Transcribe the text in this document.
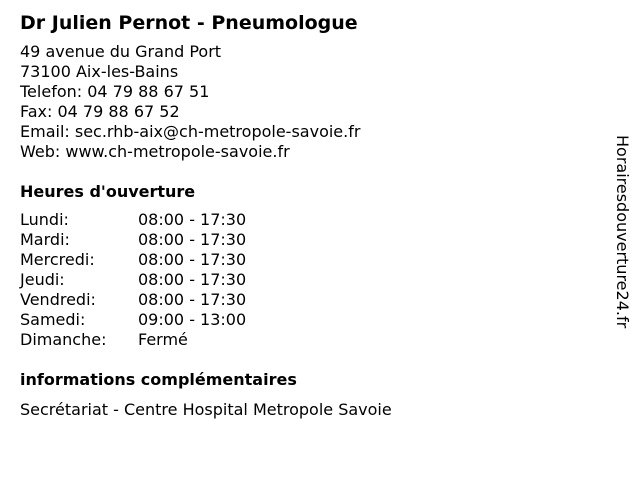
Dr Julien Pernot - Pneumologue
49 avenue du Grand Port
73100 Aix-les-Bains
Telefon: 04 79 88 67 51
Fax: 04 79 88 67 52
Email: sec.rhb-aix@ch-metropole-savoie.fr
Web: www.ch-metropole-savoie.fr
Heures d'ouverture
Lundi:	08:00 - 17:30
Mardi:	08:00 - 17:30
Mercredi:	08:00 - 17:30
Jeudi:	08:00 - 17:30
Vendredi:	08:00 - 17:30
Samedi:	09:00 - 13:00
Dimanche:	Fermé
informations complémentaires
Secrétariat - Centre Hospital Metropole Savoie
Horairesdouverture24.fr
